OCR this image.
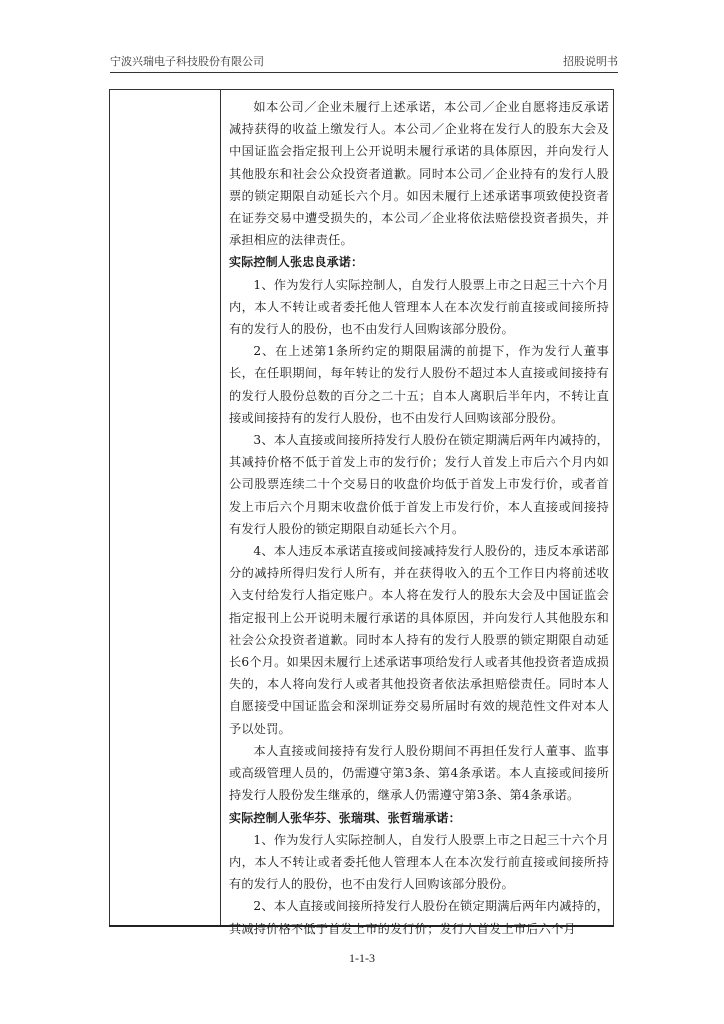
宁波兴瑞电子科技股份有限公司	招股说明书

如本公司／企业未履行上述承诺，本公司／企业自愿将违反承诺减持获得的收益上缴发行人。本公司／企业将在发行人的股东大会及中国证监会指定报刊上公开说明未履行承诺的具体原因，并向发行人其他股东和社会公众投资者道歉。同时本公司／企业持有的发行人股票的锁定期限自动延长六个月。如因未履行上述承诺事项致使投资者在证券交易中遭受损失的，本公司／企业将依法赔偿投资者损失，并承担相应的法律责任。

实际控制人张忠良承诺：

1、作为发行人实际控制人，自发行人股票上市之日起三十六个月内，本人不转让或者委托他人管理本人在本次发行前直接或间接所持有的发行人的股份，也不由发行人回购该部分股份。

2、在上述第1条所约定的期限届满的前提下，作为发行人董事长，在任职期间，每年转让的发行人股份不超过本人直接或间接持有的发行人股份总数的百分之二十五；自本人离职后半年内，不转让直接或间接持有的发行人股份，也不由发行人回购该部分股份。

3、本人直接或间接所持发行人股份在锁定期满后两年内减持的，其减持价格不低于首发上市的发行价；发行人首发上市后六个月内如公司股票连续二十个交易日的收盘价均低于首发上市发行价，或者首发上市后六个月期末收盘价低于首发上市发行价，本人直接或间接持有发行人股份的锁定期限自动延长六个月。

4、本人违反本承诺直接或间接减持发行人股份的，违反本承诺部分的减持所得归发行人所有，并在获得收入的五个工作日内将前述收入支付给发行人指定账户。本人将在发行人的股东大会及中国证监会指定报刊上公开说明未履行承诺的具体原因，并向发行人其他股东和社会公众投资者道歉。同时本人持有的发行人股票的锁定期限自动延长6个月。如果因未履行上述承诺事项给发行人或者其他投资者造成损失的，本人将向发行人或者其他投资者依法承担赔偿责任。同时本人自愿接受中国证监会和深圳证券交易所届时有效的规范性文件对本人予以处罚。

本人直接或间接持有发行人股份期间不再担任发行人董事、监事或高级管理人员的，仍需遵守第3条、第4条承诺。本人直接或间接所持发行人股份发生继承的，继承人仍需遵守第3条、第4条承诺。

实际控制人张华芬、张瑞琪、张哲瑞承诺：

1、作为发行人实际控制人，自发行人股票上市之日起三十六个月内，本人不转让或者委托他人管理本人在本次发行前直接或间接所持有的发行人的股份，也不由发行人回购该部分股份。

2、本人直接或间接所持发行人股份在锁定期满后两年内减持的，其减持价格不低于首发上市的发行价；发行人首发上市后六个月

1-1-3
